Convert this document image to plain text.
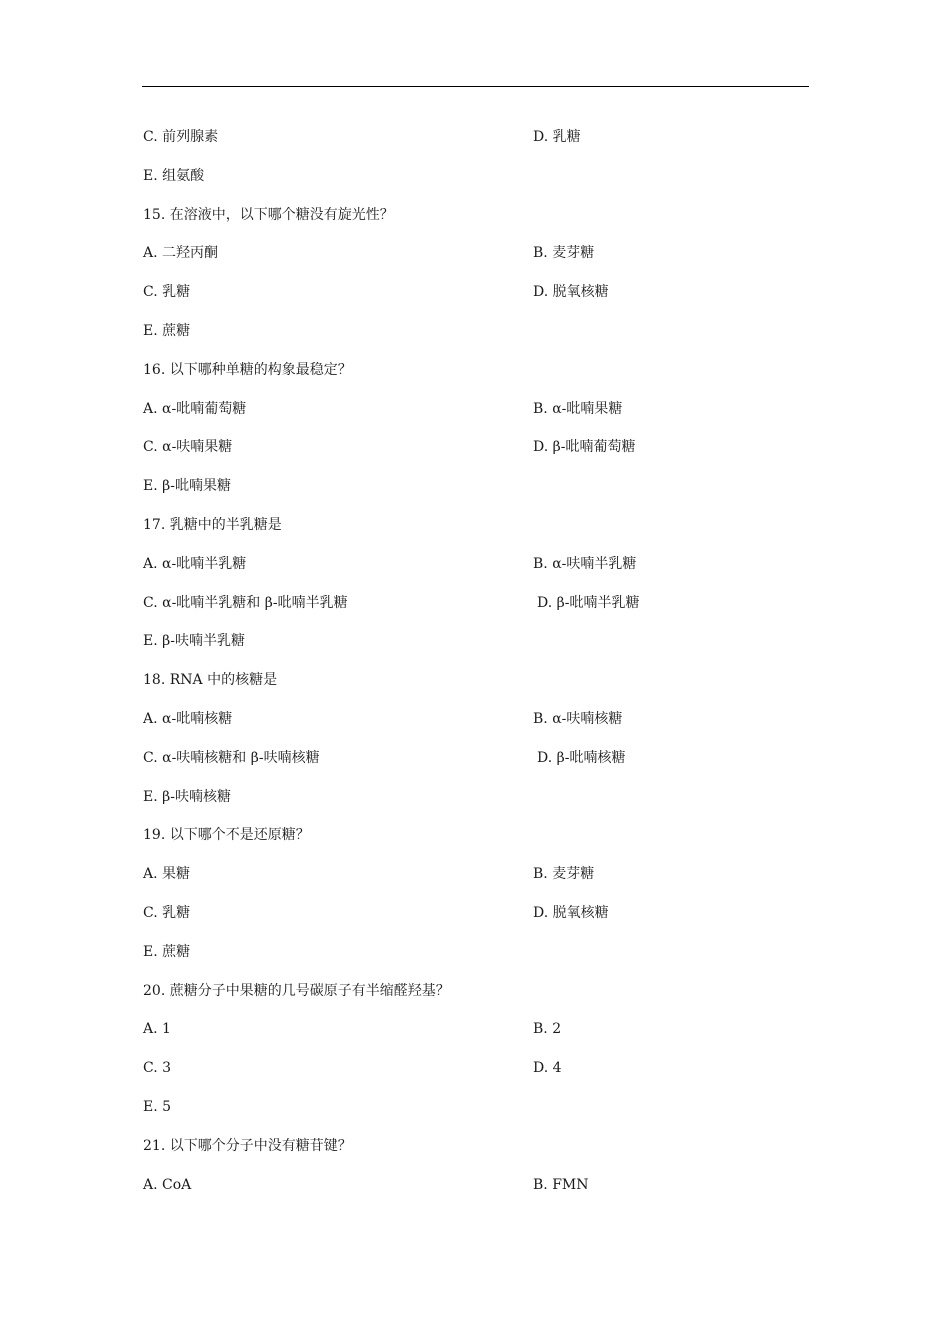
C. 前列腺素	D. 乳糖
E. 组氨酸
15. 在溶液中，以下哪个糖没有旋光性？
A. 二羟丙酮	B. 麦芽糖
C. 乳糖	D. 脱氧核糖
E. 蔗糖
16. 以下哪种单糖的构象最稳定？
A. α-吡喃葡萄糖	B. α-吡喃果糖
C. α-呋喃果糖	D. β-吡喃葡萄糖
E. β-吡喃果糖
17. 乳糖中的半乳糖是
A. α-吡喃半乳糖	B. α-呋喃半乳糖
C. α-吡喃半乳糖和 β-吡喃半乳糖	D. β-吡喃半乳糖
E. β-呋喃半乳糖
18. RNA 中的核糖是
A. α-吡喃核糖	B. α-呋喃核糖
C. α-呋喃核糖和 β-呋喃核糖	D. β-吡喃核糖
E. β-呋喃核糖
19. 以下哪个不是还原糖？
A. 果糖	B. 麦芽糖
C. 乳糖	D. 脱氧核糖
E. 蔗糖
20. 蔗糖分子中果糖的几号碳原子有半缩醛羟基？
A. 1	B. 2
C. 3	D. 4
E. 5
21. 以下哪个分子中没有糖苷键？
A. CoA	B. FMN
